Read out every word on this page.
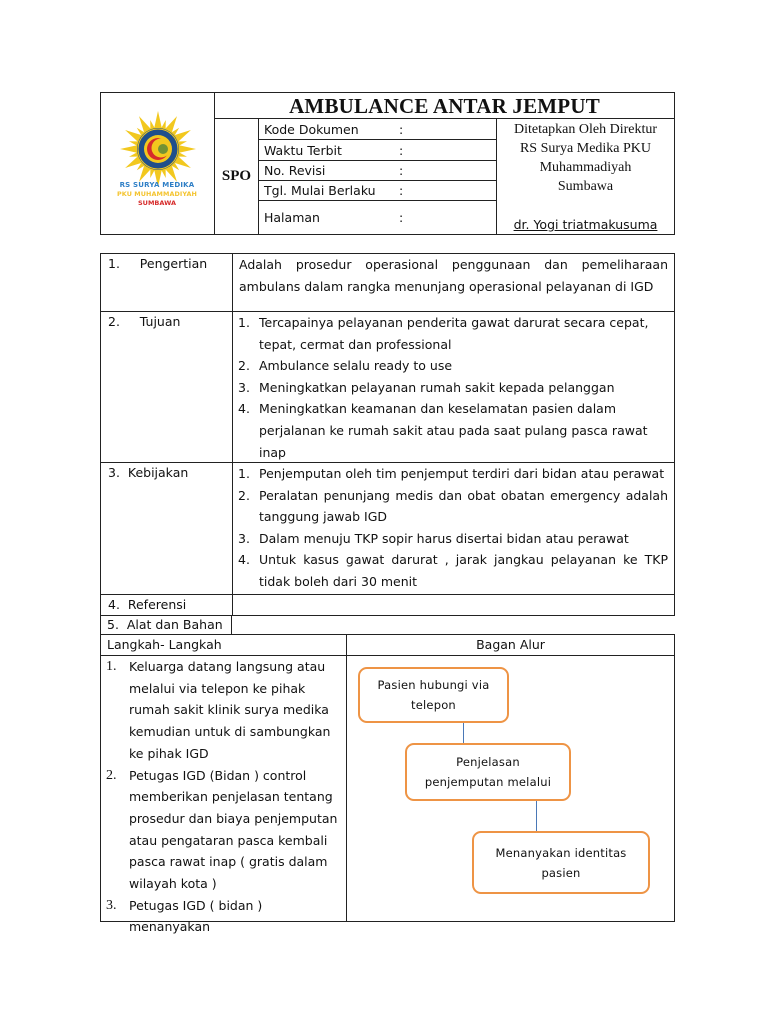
RS SURYA MEDIKA
PKU MUHAMMADIYAH
SUMBAWA
AMBULANCE ANTAR JEMPUT
SPO
Kode Dokumen	:
Waktu Terbit	:
No. Revisi	:
Tgl. Mulai Berlaku :
Halaman	:
Ditetapkan Oleh Direktur
RS Surya Medika PKU
Muhammadiyah
Sumbawa
dr. Yogi triatmakusuma
1.     Pengertian	Adalah prosedur operasional penggunaan dan pemeliharaan ambulans dalam rangka menunjang operasional pelayanan di IGD
2.     Tujuan	1. Tercapainya pelayanan penderita gawat darurat secara cepat, tepat, cermat dan professional
2. Ambulance selalu ready to use
3. Meningkatkan pelayanan rumah sakit kepada pelanggan
4. Meningkatkan keamanan dan keselamatan pasien dalam perjalanan ke rumah sakit atau pada saat pulang pasca rawat inap
3.  Kebijakan	1. Penjemputan oleh tim penjemput terdiri dari bidan atau perawat
2. Peralatan penunjang medis dan obat obatan emergency adalah tanggung jawab IGD
3. Dalam menuju TKP sopir harus disertai bidan atau perawat
4. Untuk kasus gawat darurat , jarak jangkau pelayanan ke TKP tidak boleh dari 30 menit
4.  Referensi
5.  Alat dan Bahan
Langkah- Langkah	Bagan Alur
1. Keluarga datang langsung atau melalui via telepon ke pihak rumah sakit klinik surya medika kemudian untuk di sambungkan ke pihak IGD
2. Petugas IGD (Bidan ) control memberikan penjelasan tentang prosedur dan biaya penjemputan atau pengataran pasca kembali pasca rawat inap ( gratis dalam wilayah kota )
3. Petugas IGD ( bidan ) menanyakan
Pasien hubungi via
telepon
Penjelasan
penjemputan melalui
Menanyakan identitas
pasien
